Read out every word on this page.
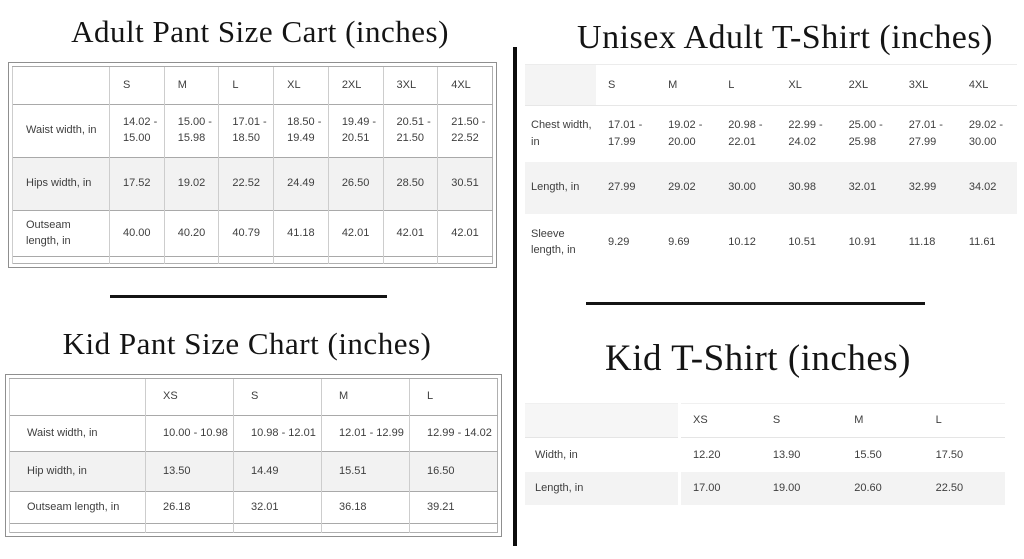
Adult Pant Size Cart (inches)
	S	M	L	XL	2XL	3XL	4XL
Waist width, in	14.02 - 15.00	15.00 - 15.98	17.01 - 18.50	18.50 - 19.49	19.49 - 20.51	20.51 - 21.50	21.50 - 22.52
Hips width, in	17.52	19.02	22.52	24.49	26.50	28.50	30.51
Outseam length, in	40.00	40.20	40.79	41.18	42.01	42.01	42.01

Kid Pant Size Chart (inches)
	XS	S	M	L
Waist width, in	10.00 - 10.98	10.98 - 12.01	12.01 - 12.99	12.99 - 14.02
Hip width, in	13.50	14.49	15.51	16.50
Outseam length, in	26.18	32.01	36.18	39.21

Unisex Adult T-Shirt (inches)
	S	M	L	XL	2XL	3XL	4XL
Chest width, in	17.01 - 17.99	19.02 - 20.00	20.98 - 22.01	22.99 - 24.02	25.00 - 25.98	27.01 - 27.99	29.02 - 30.00
Length, in	27.99	29.02	30.00	30.98	32.01	32.99	34.02
Sleeve length, in	9.29	9.69	10.12	10.51	10.91	11.18	11.61
Kid T-Shirt (inches)
	XS	S	M	L
Width, in	12.20	13.90	15.50	17.50
Length, in	17.00	19.00	20.60	22.50
